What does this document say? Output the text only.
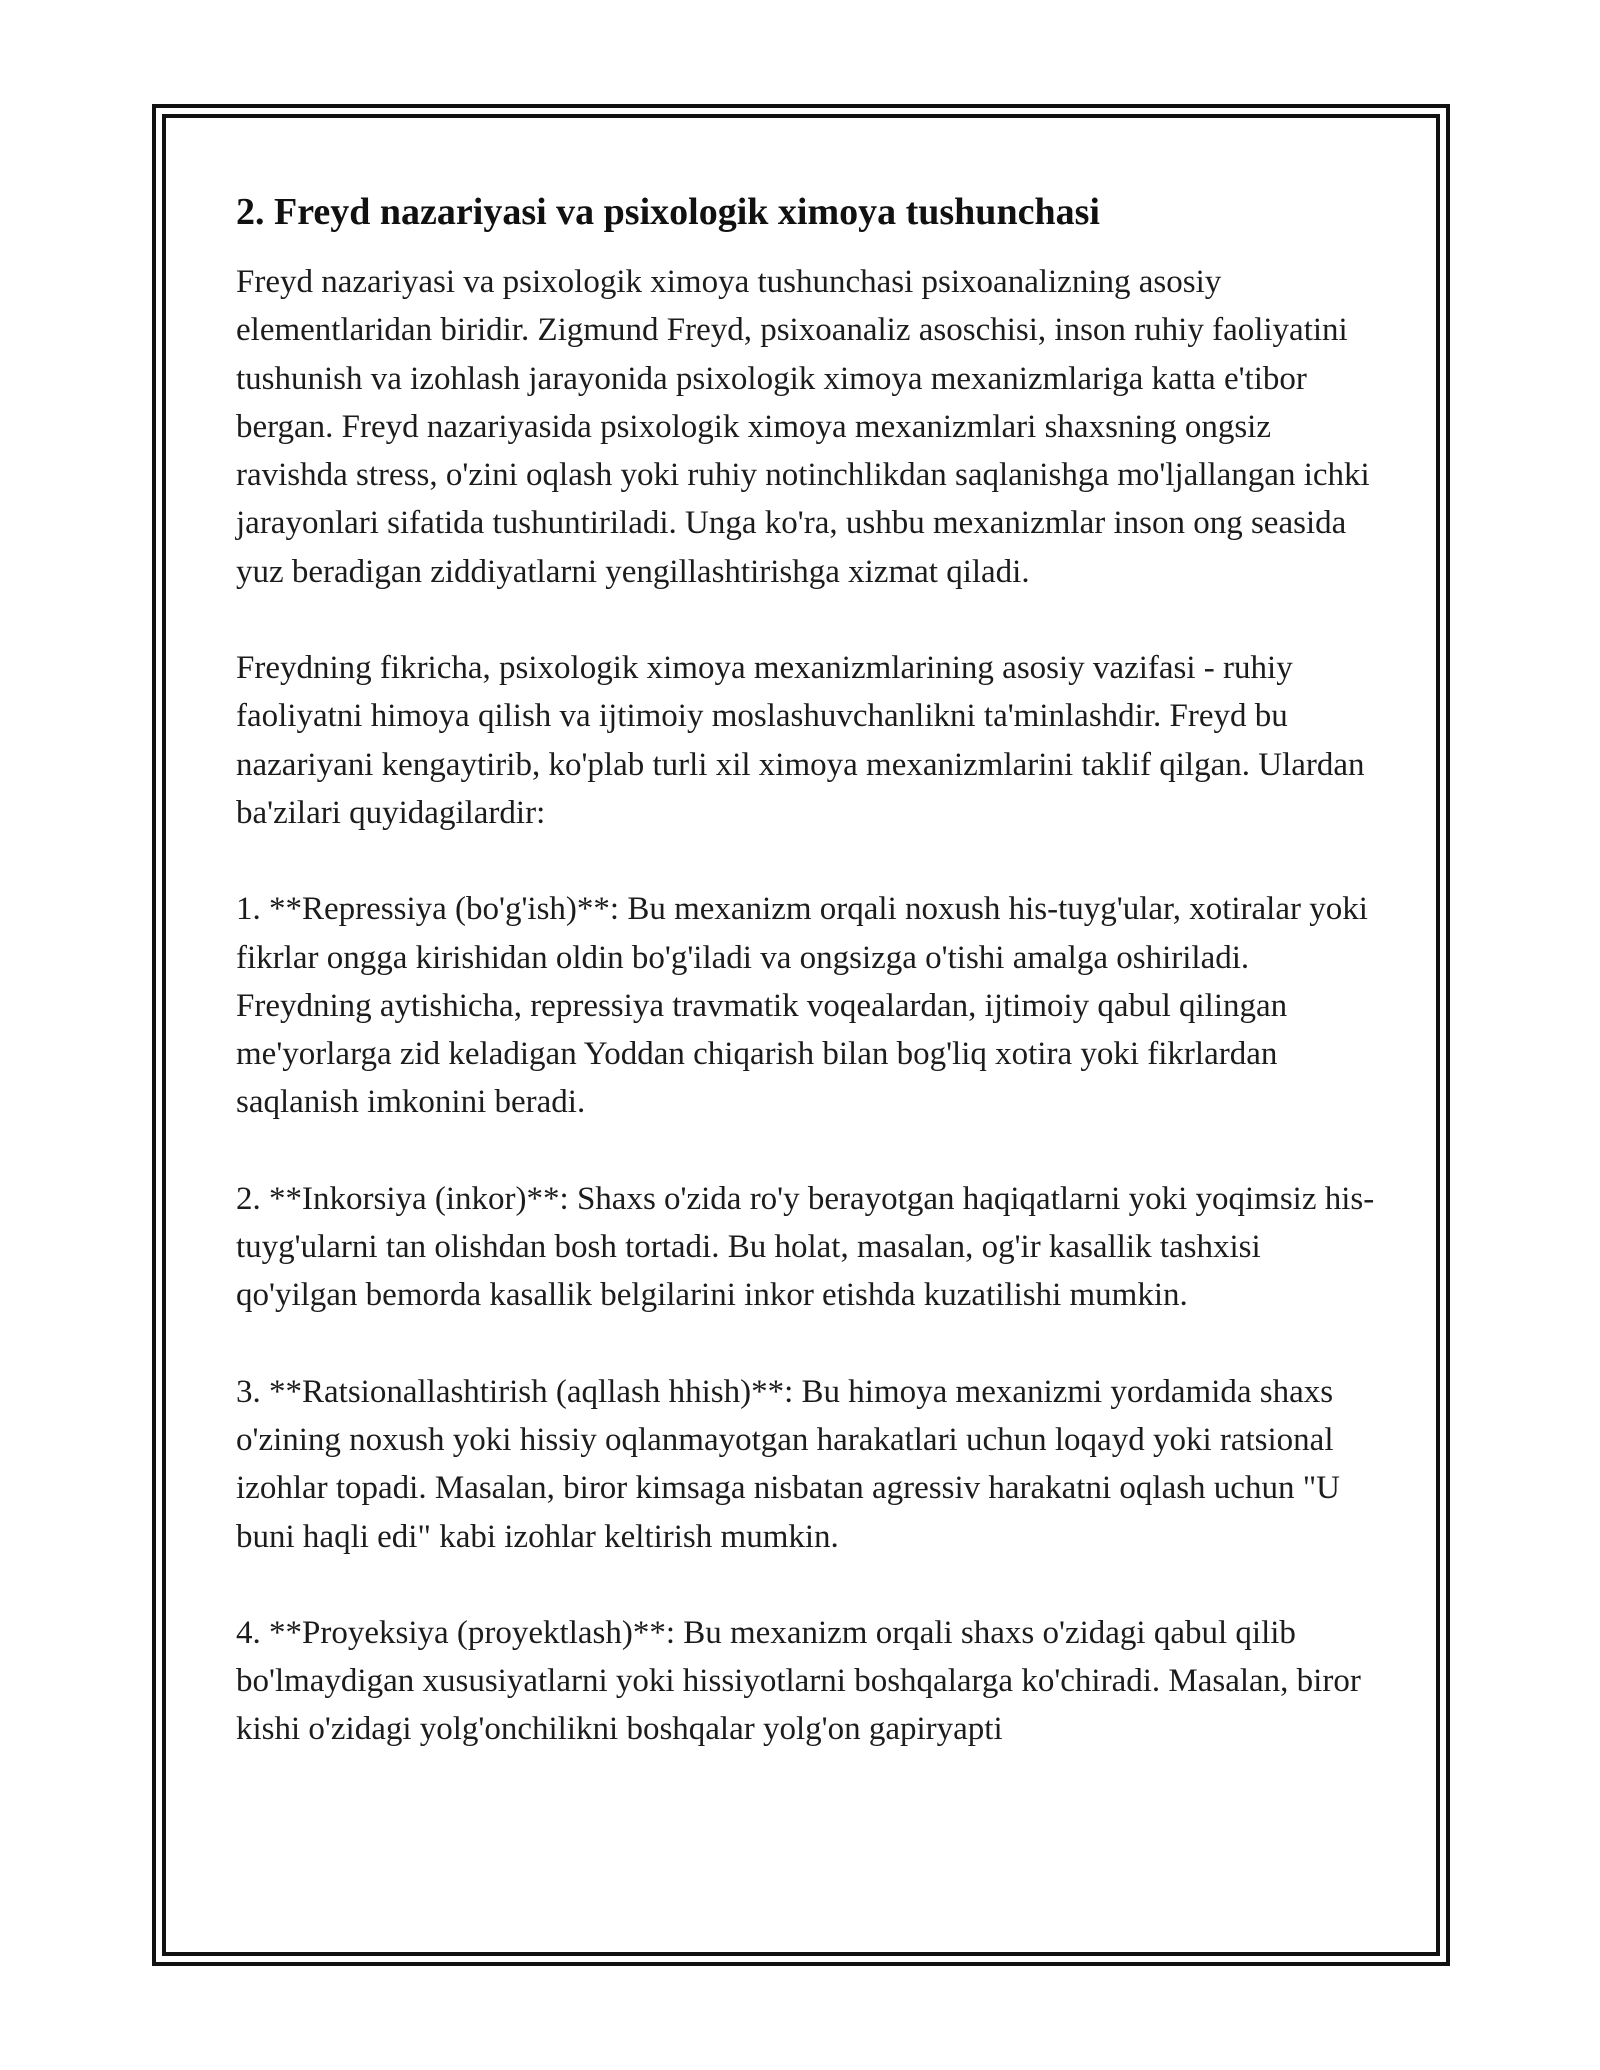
2. Freyd nazariyasi va psixologik ximoya tushunchasi

Freyd nazariyasi va psixologik ximoya tushunchasi psixoanalizning asosiy elementlaridan biridir. Zigmund Freyd, psixoanaliz asoschisi, inson ruhiy faoliyatini tushunish va izohlash jarayonida psixologik ximoya mexanizmlariga katta e'tibor bergan. Freyd nazariyasida psixologik ximoya mexanizmlari shaxsning ongsiz ravishda stress, o'zini oqlash yoki ruhiy notinchlikdan saqlanishga mo'ljallangan ichki jarayonlari sifatida tushuntiriladi. Unga ko'ra, ushbu mexanizmlar inson ong seasida yuz beradigan ziddiyatlarni yengillashtirishga xizmat qiladi.

Freydning fikricha, psixologik ximoya mexanizmlarining asosiy vazifasi - ruhiy faoliyatni himoya qilish va ijtimoiy moslashuvchanlikni ta'minlashdir. Freyd bu nazariyani kengaytirib, ko'plab turli xil ximoya mexanizmlarini taklif qilgan. Ulardan ba'zilari quyidagilardir:

1. **Repressiya (bo'g'ish)**: Bu mexanizm orqali noxush his-tuyg'ular, xotiralar yoki fikrlar ongga kirishidan oldin bo'g'iladi va ongsizga o'tishi amalga oshiriladi. Freydning aytishicha, repressiya travmatik voqealardan, ijtimoiy qabul qilingan me'yorlarga zid keladigan Yoddan chiqarish bilan bog'liq xotira yoki fikrlardan saqlanish imkonini beradi.

2. **Inkorsiya (inkor)**: Shaxs o'zida ro'y berayotgan haqiqatlarni yoki yoqimsiz his-tuyg'ularni tan olishdan bosh tortadi. Bu holat, masalan, og'ir kasallik tashxisi qo'yilgan bemorda kasallik belgilarini inkor etishda kuzatilishi mumkin.

3. **Ratsionallashtirish (aqllash hhish)**: Bu himoya mexanizmi yordamida shaxs o'zining noxush yoki hissiy oqlanmayotgan harakatlari uchun loqayd yoki ratsional izohlar topadi. Masalan, biror kimsaga nisbatan agressiv harakatni oqlash uchun "U buni haqli edi" kabi izohlar keltirish mumkin.

4. **Proyeksiya (proyektlash)**: Bu mexanizm orqali shaxs o'zidagi qabul qilib bo'lmaydigan xususiyatlarni yoki hissiyotlarni boshqalarga ko'chiradi. Masalan, biror kishi o'zidagi yolg'onchilikni boshqalar yolg'on gapiryapti
